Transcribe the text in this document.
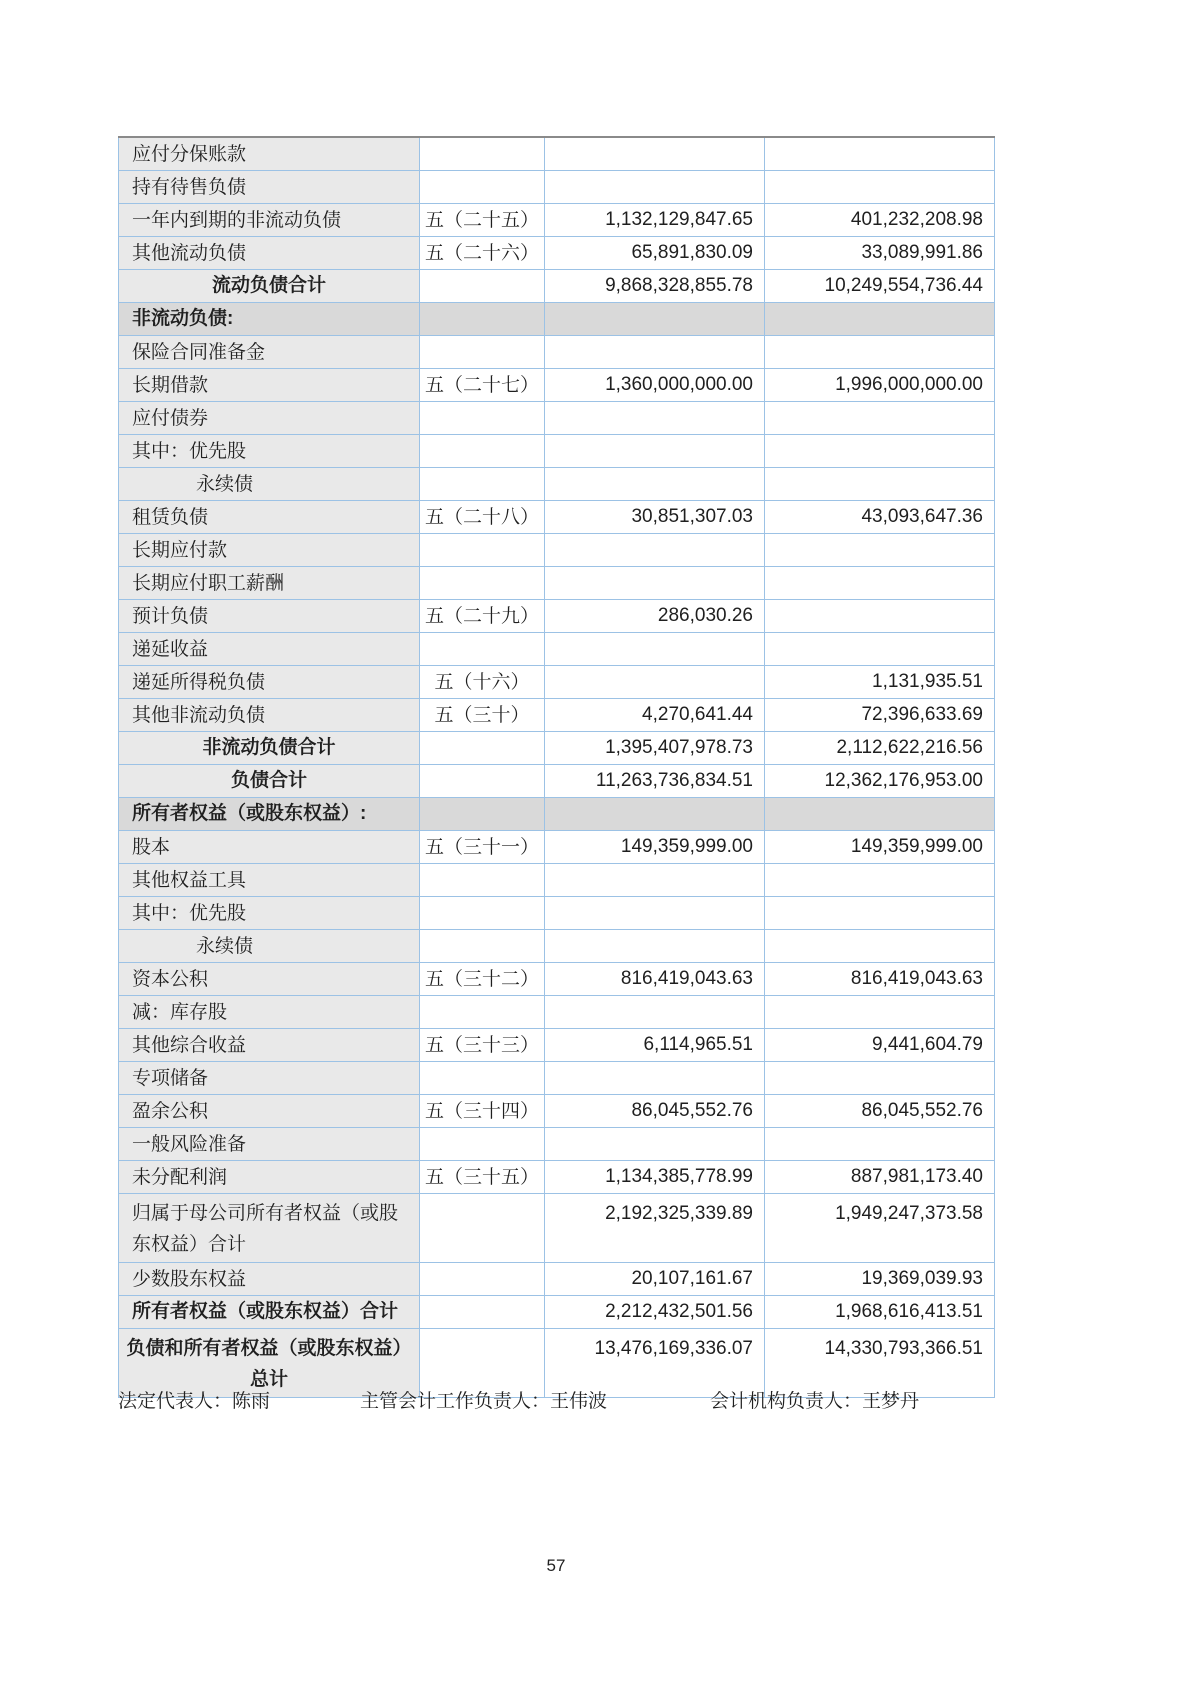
应付分保账款			
持有待售负债			
一年内到期的非流动负债	五（二十五）	1,132,129,847.65	401,232,208.98
其他流动负债	五（二十六）	65,891,830.09	33,089,991.86
流动负债合计		9,868,328,855.78	10,249,554,736.44
非流动负债:			
保险合同准备金			
长期借款	五（二十七）	1,360,000,000.00	1,996,000,000.00
应付债券			
其中：优先股			
永续债			
租赁负债	五（二十八）	30,851,307.03	43,093,647.36
长期应付款			
长期应付职工薪酬			
预计负债	五（二十九）	286,030.26	
递延收益			
递延所得税负债	五（十六）		1,131,935.51
其他非流动负债	五（三十）	4,270,641.44	72,396,633.69
非流动负债合计		1,395,407,978.73	2,112,622,216.56
负债合计		11,263,736,834.51	12,362,176,953.00
所有者权益（或股东权益）:			
股本	五（三十一）	149,359,999.00	149,359,999.00
其他权益工具			
其中：优先股			
永续债			
资本公积	五（三十二）	816,419,043.63	816,419,043.63
减：库存股			
其他综合收益	五（三十三）	6,114,965.51	9,441,604.79
专项储备			
盈余公积	五（三十四）	86,045,552.76	86,045,552.76
一般风险准备			
未分配利润	五（三十五）	1,134,385,778.99	887,981,173.40
归属于母公司所有者权益（或股东权益）合计		2,192,325,339.89	1,949,247,373.58
少数股东权益		20,107,161.67	19,369,039.93
所有者权益（或股东权益）合计		2,212,432,501.56	1,968,616,413.51
负债和所有者权益（或股东权益）总计		13,476,169,336.07	14,330,793,366.51
法定代表人：陈雨	主管会计工作负责人：王伟波	会计机构负责人：王梦丹
57
